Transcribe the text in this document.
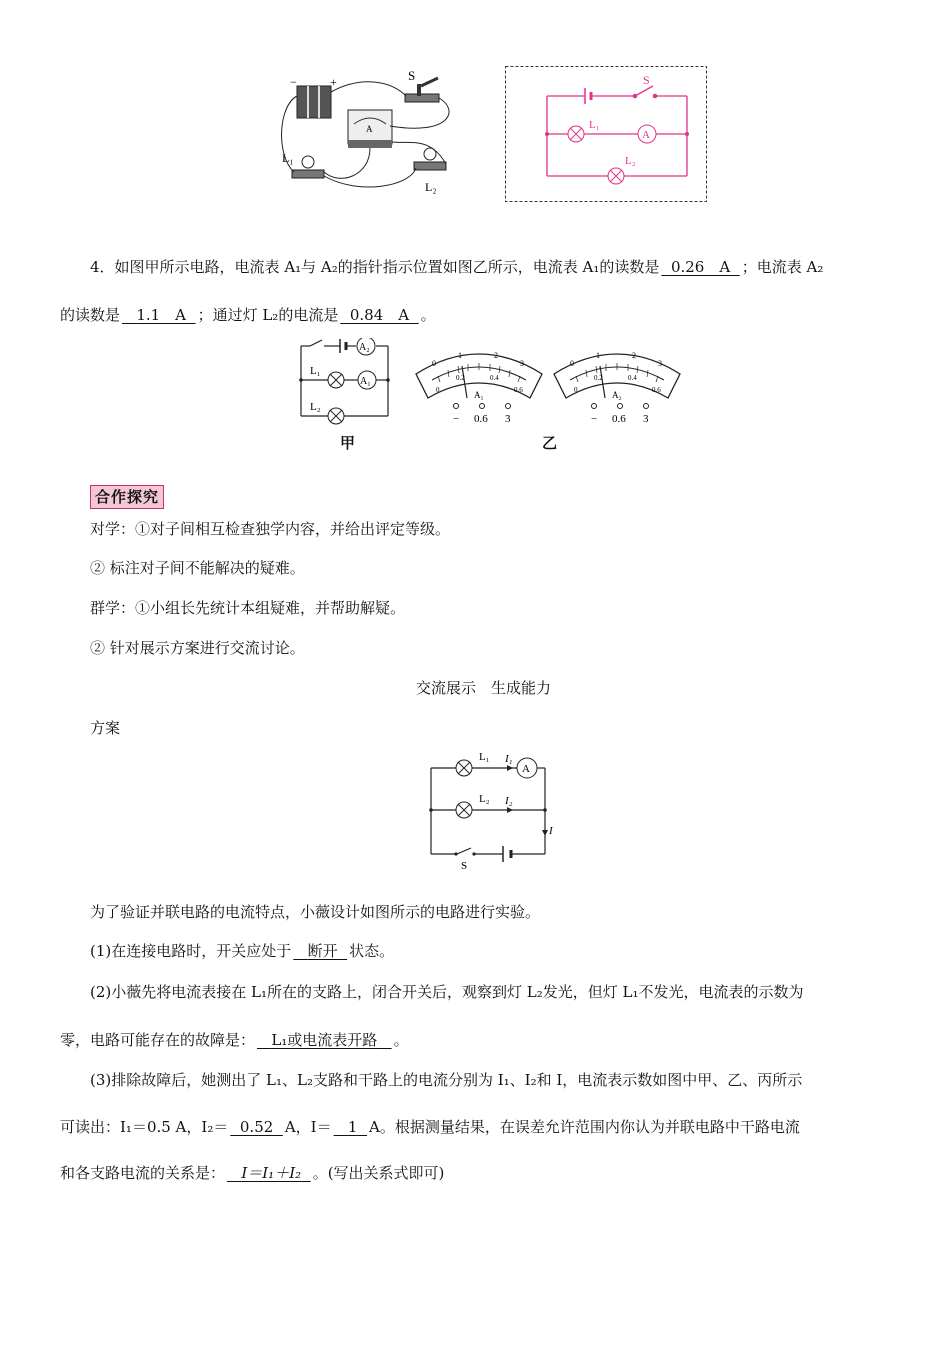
−	+	S
A
L₁
L₂
S
L₁
A
L₂
4．如图甲所示电路，电流表 A₁与 A₂的指针指示位置如图乙所示，电流表 A₁的读数是 0.26　A ；电流表 A₂
的读数是 1.1　A ；通过灯 L₂的电流是 0.84　A 。
A₂
L₁
A₁
L₂
甲
0
1	2
3
0
0.2	0.4
0.6
A₁
− 0.6 3
0
1	2
3
0
0.2	0.4
0.6
A₂
− 0.6 3
乙
合作探究
对学：①对子间相互检查独学内容，并给出评定等级。
② 标注对子间不能解决的疑难。
群学：①小组长先统计本组疑难，并帮助解疑。
② 针对展示方案进行交流讨论。
交流展示　生成能力
方案
L₁ I₁
A
L₂ I₂
I
S
为了验证并联电路的电流特点，小薇设计如图所示的电路进行实验。
(1)在连接电路时，开关应处于 断开 状态。
(2)小薇先将电流表接在 L₁所在的支路上，闭合开关后，观察到灯 L₂发光，但灯 L₁不发光，电流表的示数为
零，电路可能存在的故障是： L₁或电流表开路 。
(3)排除故障后，她测出了 L₁、L₂支路和干路上的电流分别为 I₁、I₂和 I，电流表示数如图中甲、乙、丙所示
可读出：I₁＝0.5 A，I₂＝ 0.52 A，I＝ 1 A。根据测量结果，在误差允许范围内你认为并联电路中干路电流
和各支路电流的关系是： I＝I₁＋I₂ 。(写出关系式即可)
